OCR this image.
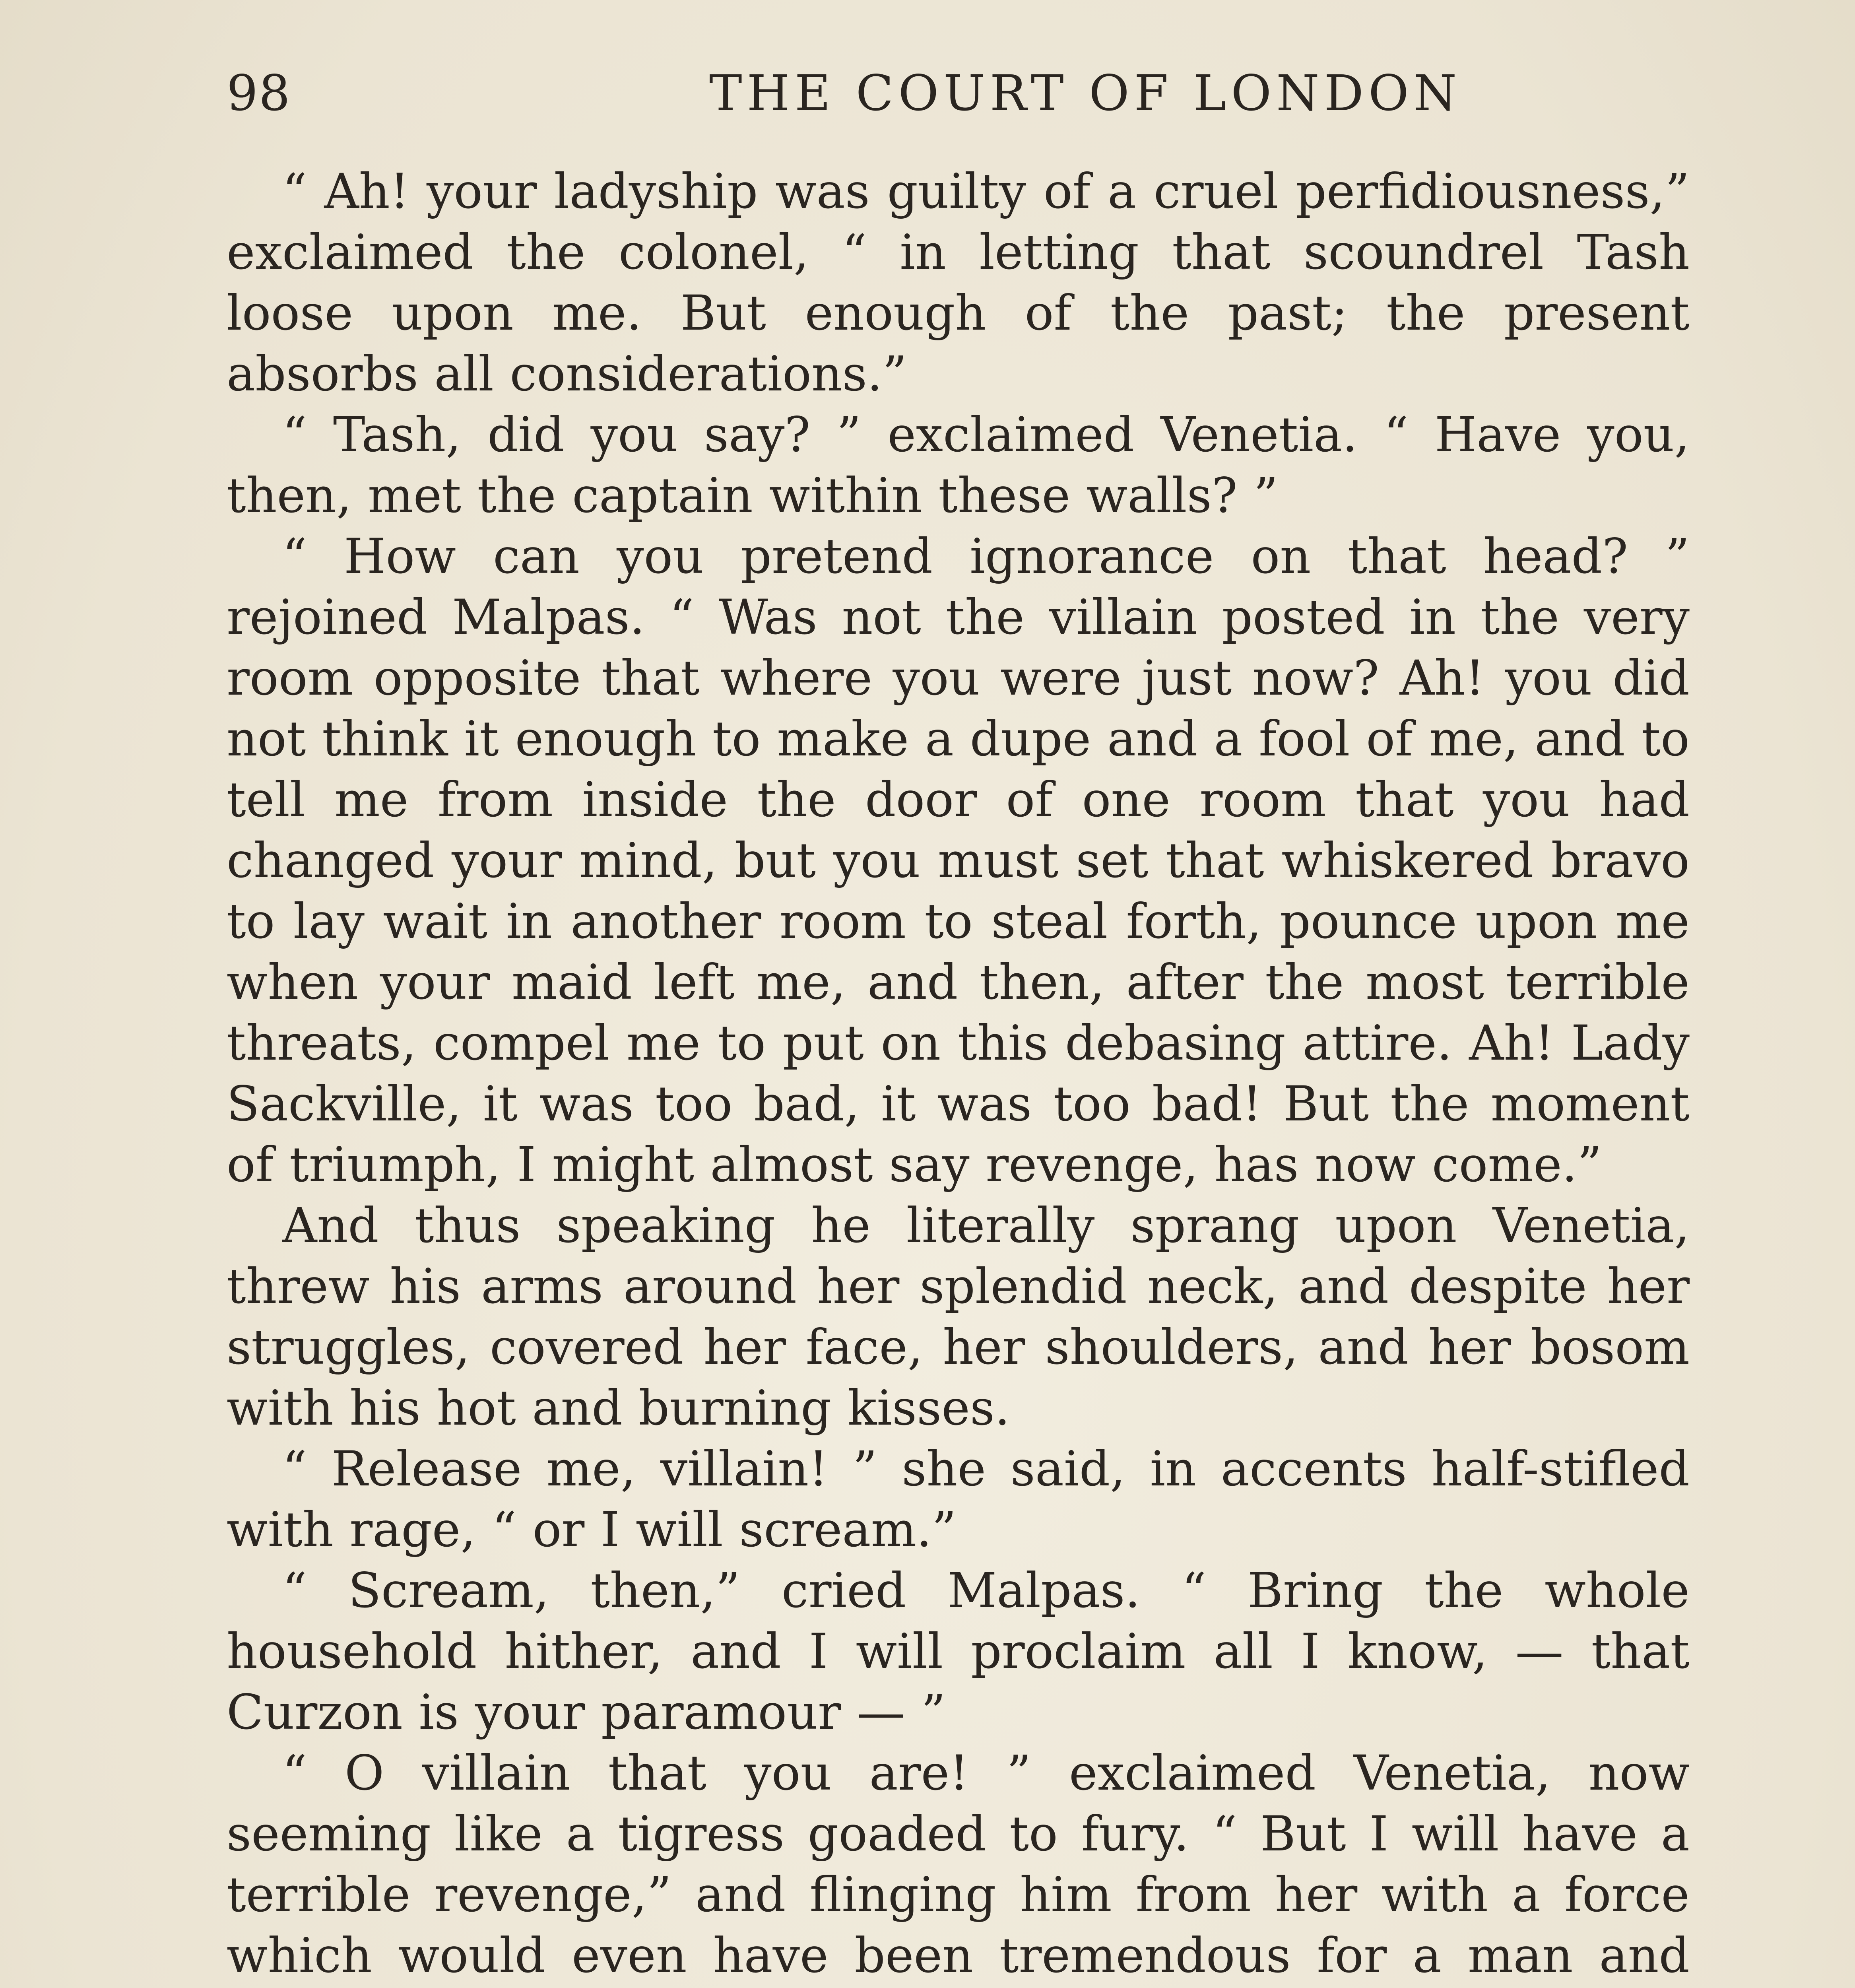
98	THE COURT OF LONDON

“ Ah! your ladyship was guilty of a cruel perfidiousness,” exclaimed the colonel, “ in letting that scoundrel Tash loose upon me. But enough of the past; the present absorbs all considerations.”

“ Tash, did you say? ” exclaimed Venetia. “ Have you, then, met the captain within these walls? ”

“ How can you pretend ignorance on that head? ” rejoined Malpas. “ Was not the villain posted in the very room opposite that where you were just now? Ah! you did not think it enough to make a dupe and a fool of me, and to tell me from inside the door of one room that you had changed your mind, but you must set that whiskered bravo to lay wait in another room to steal forth, pounce upon me when your maid left me, and then, after the most terrible threats, compel me to put on this debasing attire. Ah! Lady Sackville, it was too bad, it was too bad! But the moment of triumph, I might almost say revenge, has now come.”

And thus speaking he literally sprang upon Venetia, threw his arms around her splendid neck, and despite her struggles, covered her face, her shoulders, and her bosom with his hot and burning kisses.

“ Release me, villain! ” she said, in accents half-stifled with rage, “ or I will scream.”

“ Scream, then,” cried Malpas. “ Bring the whole household hither, and I will proclaim all I know, — that Curzon is your paramour — ”

“ O villain that you are! ” exclaimed Venetia, now seeming like a tigress goaded to fury. “ But I will have a terrible revenge,” and flinging him from her with a force which would even have been tremendous for a man and
